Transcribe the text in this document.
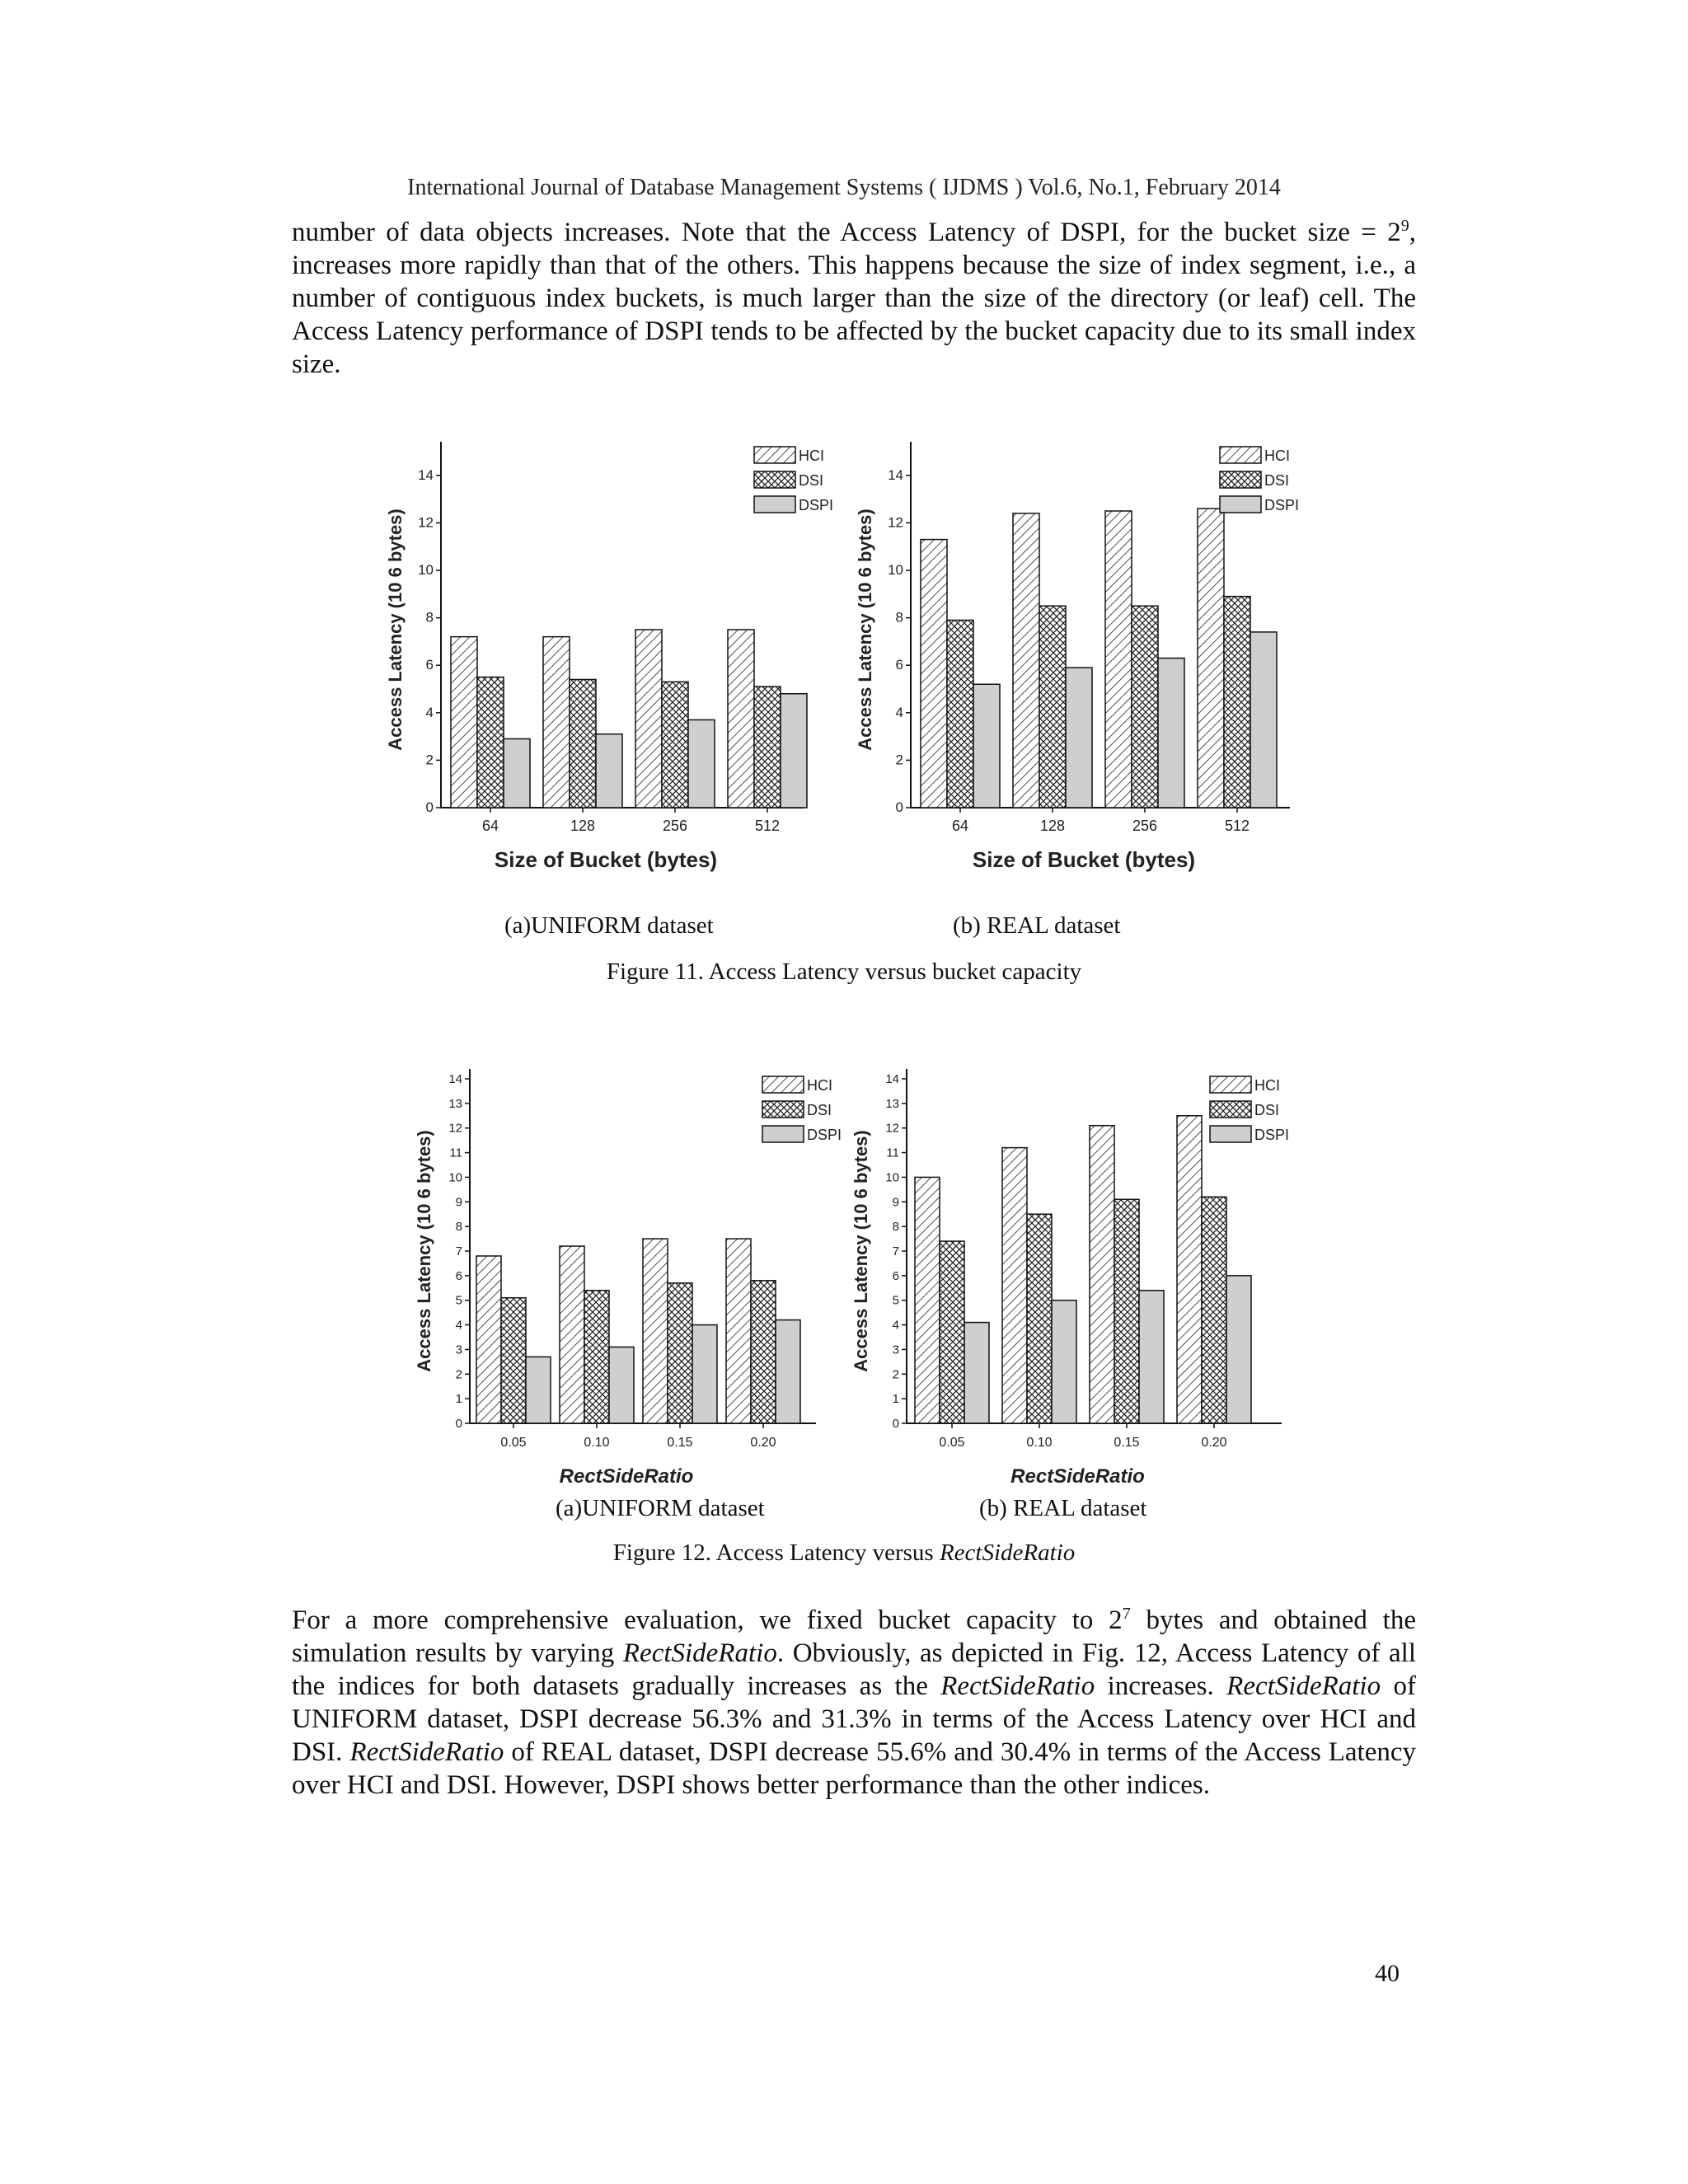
International Journal of Database Management Systems ( IJDMS ) Vol.6, No.1, February 2014

number of data objects increases. Note that the Access Latency of DSPI, for the bucket size = $2^9$, increases more rapidly than that of the others. This happens because the size of index segment, i.e., a number of contiguous index buckets, is much larger than the size of the directory (or leaf) cell. The Access Latency performance of DSPI tends to be affected by the bucket capacity due to its small index size.

Access Latency (10 6 bytes)
0
2
4
6
8
10
12
14
64	128	256	512
Size of Bucket (bytes)
HCI
DSI
DSPI
Access Latency (10 6 bytes)
0
2
4
6
8
10
12
14
64	128	256	512
Size of Bucket (bytes)
HCI
DSI
DSPI
(a)UNIFORM dataset	(b) REAL dataset
Figure 11. Access Latency versus bucket capacity
Access Latency (10 6 bytes)
0
1
2
3
4
5
6
7
8
9
10
11
12
13
14
0.05	0.10	0.15	0.20
RectSideRatio
HCI
DSI
DSPI Access Latency (10 6 bytes)
0
1
2
3
4
5
6
7
8
9
10
11
12
13
14
0.05	0.10	0.15	0.20
RectSideRatio
HCI
DSI
DSPI
(a)UNIFORM dataset	(b) REAL dataset
Figure 12. Access Latency versus RectSideRatio

For a more comprehensive evaluation, we fixed bucket capacity to $2^7$ bytes and obtained the simulation results by varying RectSideRatio. Obviously, as depicted in Fig. 12, Access Latency of all the indices for both datasets gradually increases as the RectSideRatio increases. RectSideRatio of UNIFORM dataset, DSPI decrease 56.3% and 31.3% in terms of the Access Latency over HCI and DSI. RectSideRatio of REAL dataset, DSPI decrease 55.6% and 30.4% in terms of the Access Latency over HCI and DSI. However, DSPI shows better performance than the other indices.

40
